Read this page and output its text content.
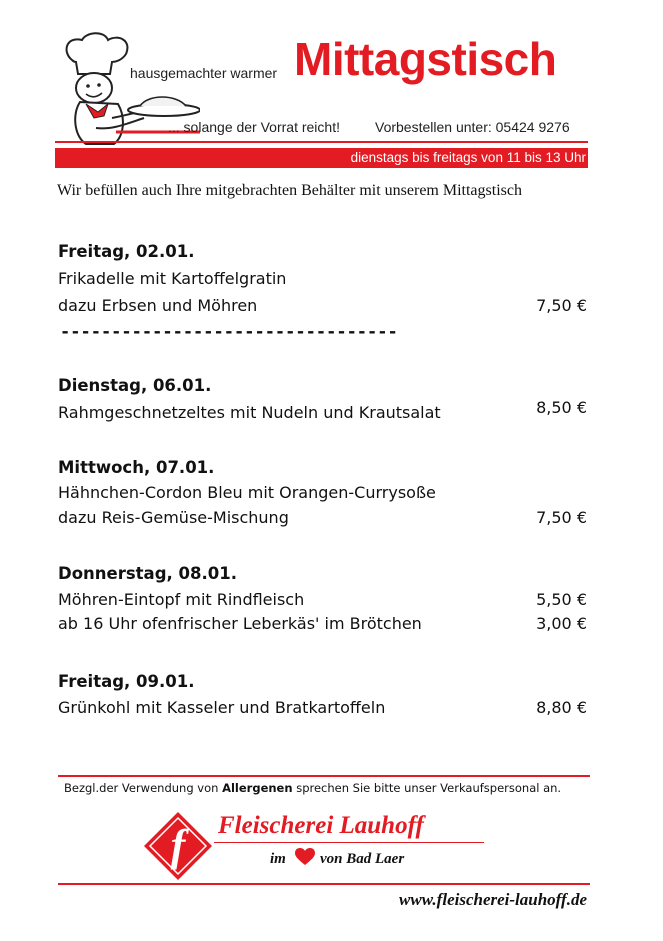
hausgemachter warmer Mittagstisch
... solange der Vorrat reicht!	Vorbestellen unter: 05424 9276
dienstags bis freitags von 11 bis 13 Uhr
Wir befüllen auch Ihre mitgebrachten Behälter mit unserem Mittagstisch
Freitag, 02.01.
Frikadelle mit Kartoffelgratin
dazu Erbsen und Möhren	7,50 €
---------------------------------
Dienstag, 06.01.
Rahmgeschnetzeltes mit Nudeln und Krautsalat	8,50 €
Mittwoch, 07.01.
Hähnchen-Cordon Bleu mit Orangen-Currysoße
dazu Reis-Gemüse-Mischung	7,50 €
Donnerstag, 08.01.
Möhren-Eintopf mit Rindfleisch	5,50 €
ab 16 Uhr ofenfrischer Leberkäs' im Brötchen	3,00 €
Freitag, 09.01.
Grünkohl mit Kasseler und Bratkartoffeln	8,80 €
Bezgl.der Verwendung von Allergenen sprechen Sie bitte unser Verkaufspersonal an.
f Fleischerei Lauhoff
im von Bad Laer
www.fleischerei-lauhoff.de
